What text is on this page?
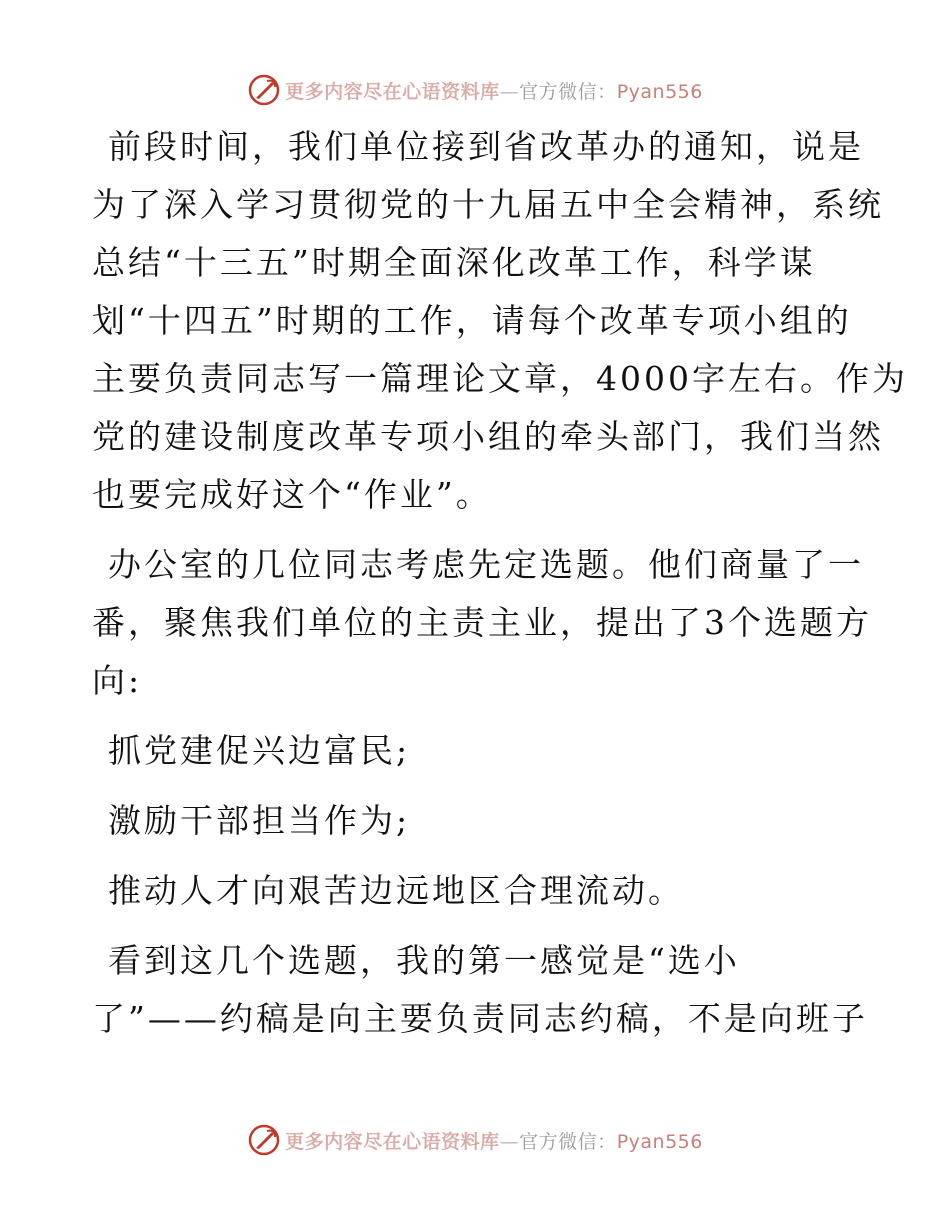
更多内容尽在心语资料库—官方微信：Pyan556

前段时间，我们单位接到省改革办的通知，说是
为了深入学习贯彻党的十九届五中全会精神，系统
总结“十三五”时期全面深化改革工作，科学谋
划“十四五”时期的工作，请每个改革专项小组的
主要负责同志写一篇理论文章，4000字左右。作为
党的建设制度改革专项小组的牵头部门，我们当然
也要完成好这个“作业”。

办公室的几位同志考虑先定选题。他们商量了一
番，聚焦我们单位的主责主业，提出了3个选题方
向:

抓党建促兴边富民;

激励干部担当作为;

推动人才向艰苦边远地区合理流动。

看到这几个选题，我的第一感觉是“选小
了”——约稿是向主要负责同志约稿，不是向班子

更多内容尽在心语资料库—官方微信：Pyan556
